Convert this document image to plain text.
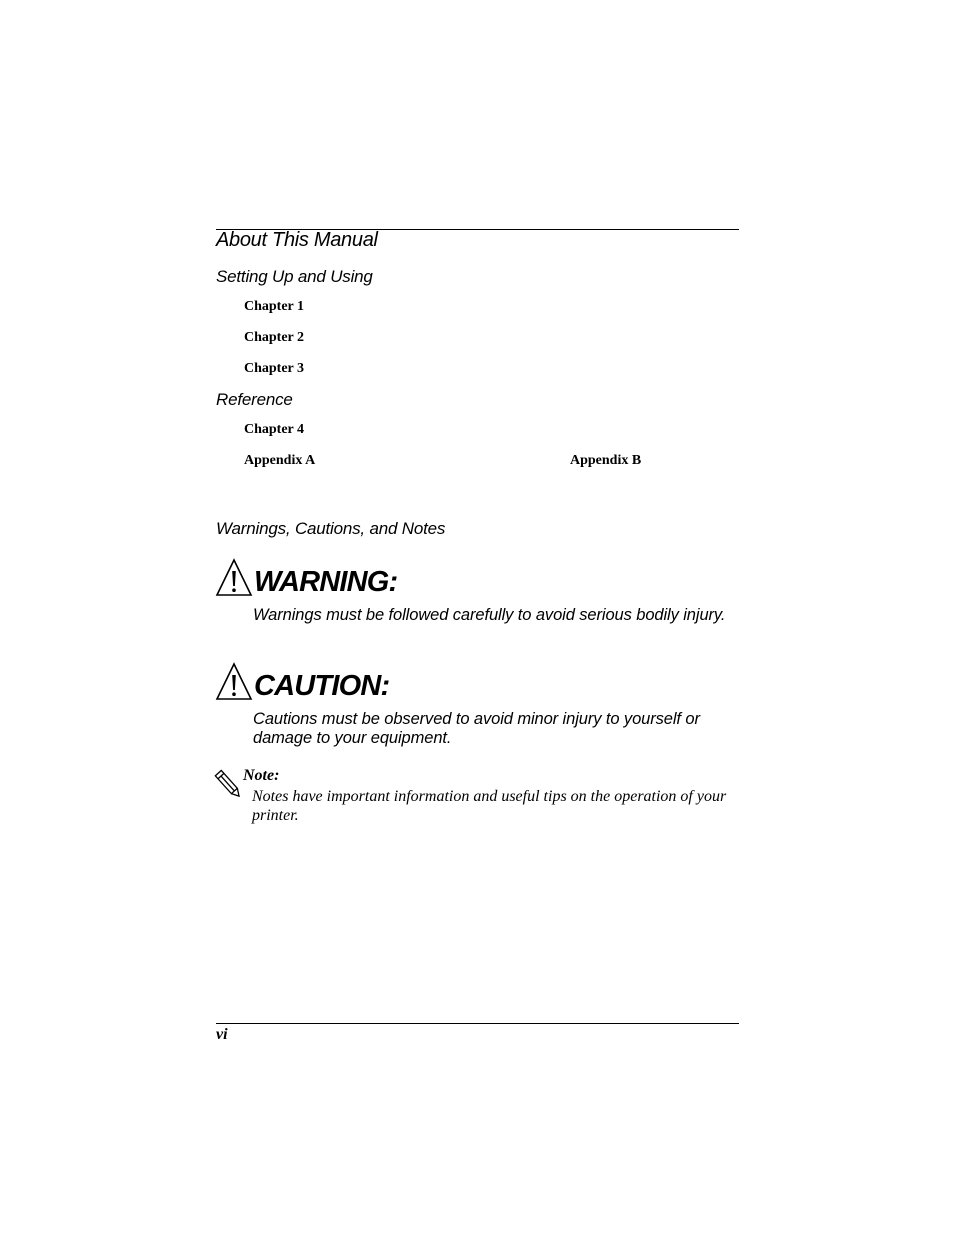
About This Manual
Setting Up and Using
Chapter 1
Chapter 2
Chapter 3
Reference
Chapter 4
Appendix A	Appendix B
Warnings, Cautions, and Notes
WARNING:
Warnings must be followed carefully to avoid serious bodily injury.
CAUTION:
Cautions must be observed to avoid minor injury to yourself or damage to your equipment.
Note:
Notes have important information and useful tips on the operation of your printer.
vi
